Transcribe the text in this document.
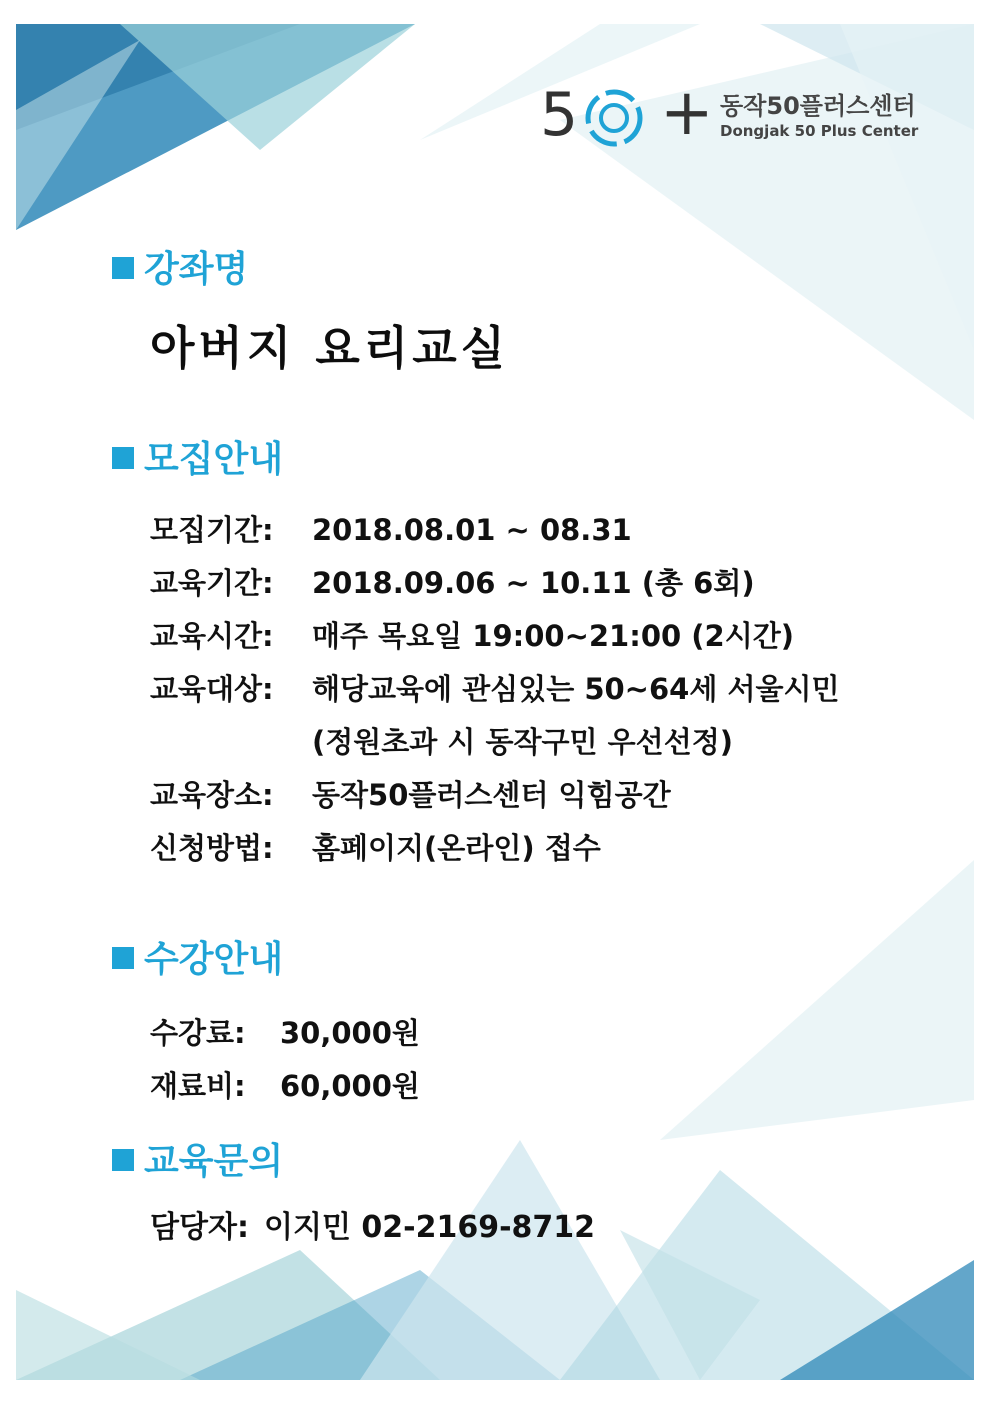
5 + 동작50플러스센터
Dongjak 50 Plus Center
강좌명
아버지 요리교실
모집안내
모집기간: 2018.08.01 ~ 08.31
교육기간: 2018.09.06 ~ 10.11 (총 6회)
교육시간: 매주 목요일 19:00~21:00 (2시간)
교육대상: 해당교육에 관심있는 50~64세 서울시민
(정원초과 시 동작구민 우선선정)
교육장소: 동작50플러스센터 익힘공간
신청방법: 홈페이지(온라인) 접수
수강안내
수강료: 30,000원
재료비: 60,000원
교육문의
담당자: 이지민 02-2169-8712
